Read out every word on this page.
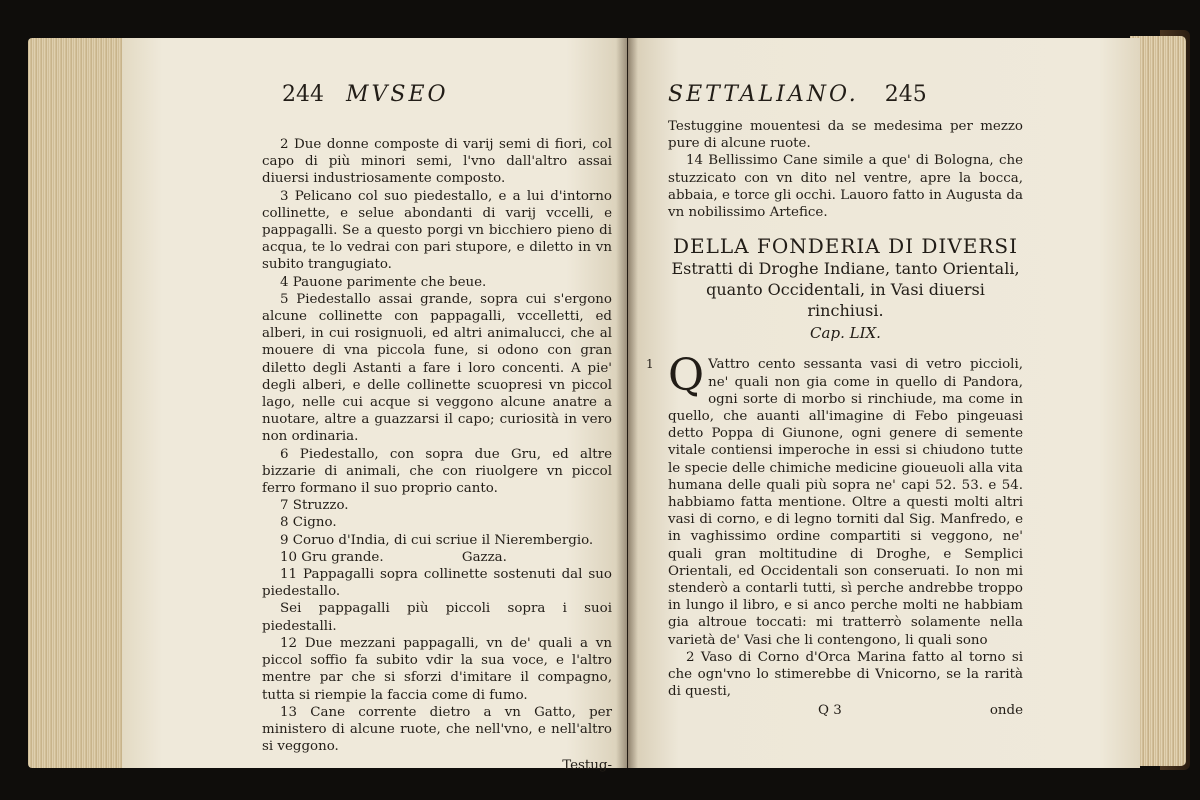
244 MVSEO

2 Due donne composte di varij semi di fiori, col capo di più minori semi, l'vno dall'altro assai diuersi industriosamente composto.

3 Pelicano col suo piedestallo, e a lui d'intorno collinette, e selue abondanti di varij vccelli, e pappagalli. Se a questo porgi vn bicchiero pieno di acqua, te lo vedrai con pari stupore, e diletto in vn subito trangugiato.

4 Pauone parimente che beue.

5 Piedestallo assai grande, sopra cui s'ergono alcune collinette con pappagalli, vccelletti, ed alberi, in cui rosignuoli, ed altri animalucci, che al mouere di vna piccola fune, si odono con gran diletto degli Astanti a fare i loro concenti. A pie' degli alberi, e delle collinette scuopresi vn piccol lago, nelle cui acque si veggono alcune anatre a nuotare, altre a guazzarsi il capo; curiosità in vero non ordinaria.

6 Piedestallo, con sopra due Gru, ed altre bizzarie di animali, che con riuolgere vn piccol ferro formano il suo proprio canto.

7 Struzzo.

8 Cigno.

9 Coruo d'India, di cui scriue il Nierembergio.

10 Gru grande.	Gazza.

11 Pappagalli sopra collinette sostenuti dal suo piedestallo.

Sei pappagalli più piccoli sopra i suoi piedestalli.

12 Due mezzani pappagalli, vn de' quali a vn piccol soffio fa subito vdir la sua voce, e l'altro mentre par che si sforzi d'imitare il compagno, tutta si riempie la faccia come di fumo.

13 Cane corrente dietro a vn Gatto, per ministero di alcune ruote, che nell'vno, e nell'altro si veggono.

Testug-
SETTALIANO. 245

Testuggine mouentesi da se medesima per mezzo pure di alcune ruote.

14 Bellissimo Cane simile a que' di Bologna, che stuzzicato con vn dito nel ventre, apre la bocca, abbaia, e torce gli occhi. Lauoro fatto in Augusta da vn nobilissimo Artefice.

DELLA FONDERIA DI DIVERSI
Estratti di Droghe Indiane, tanto Orientali, quanto Occidentali, in Vasi diuersi rinchiusi.
Cap. LIX.
1 Q Vattro cento sessanta vasi di vetro piccioli, ne' quali non gia come in quello di Pandora, ogni sorte di morbo si rinchiude, ma come in quello, che auanti all'imagine di Febo pingeuasi detto Poppa di Giunone, ogni genere di semente vitale contiensi imperoche in essi si chiudono tutte le specie delle chimiche medicine gioueuoli alla vita humana delle quali più sopra ne' capi 52. 53. e 54. habbiamo fatta mentione. Oltre a questi molti altri vasi di corno, e di legno torniti dal Sig. Manfredo, e in vaghissimo ordine compartiti si veggono, ne' quali gran moltitudine di Droghe, e Semplici Orientali, ed Occidentali son conseruati. Io non mi stenderò a contarli tutti, sì perche andrebbe troppo in lungo il libro, e si anco perche molti ne habbiam gia altroue toccati: mi tratterrò solamente nella varietà de' Vasi che li contengono, li quali sono

2 Vaso di Corno d'Orca Marina fatto al torno si che ogn'vno lo stimerebbe di Vnicorno, se la rarità di questi,

Q 3	onde
